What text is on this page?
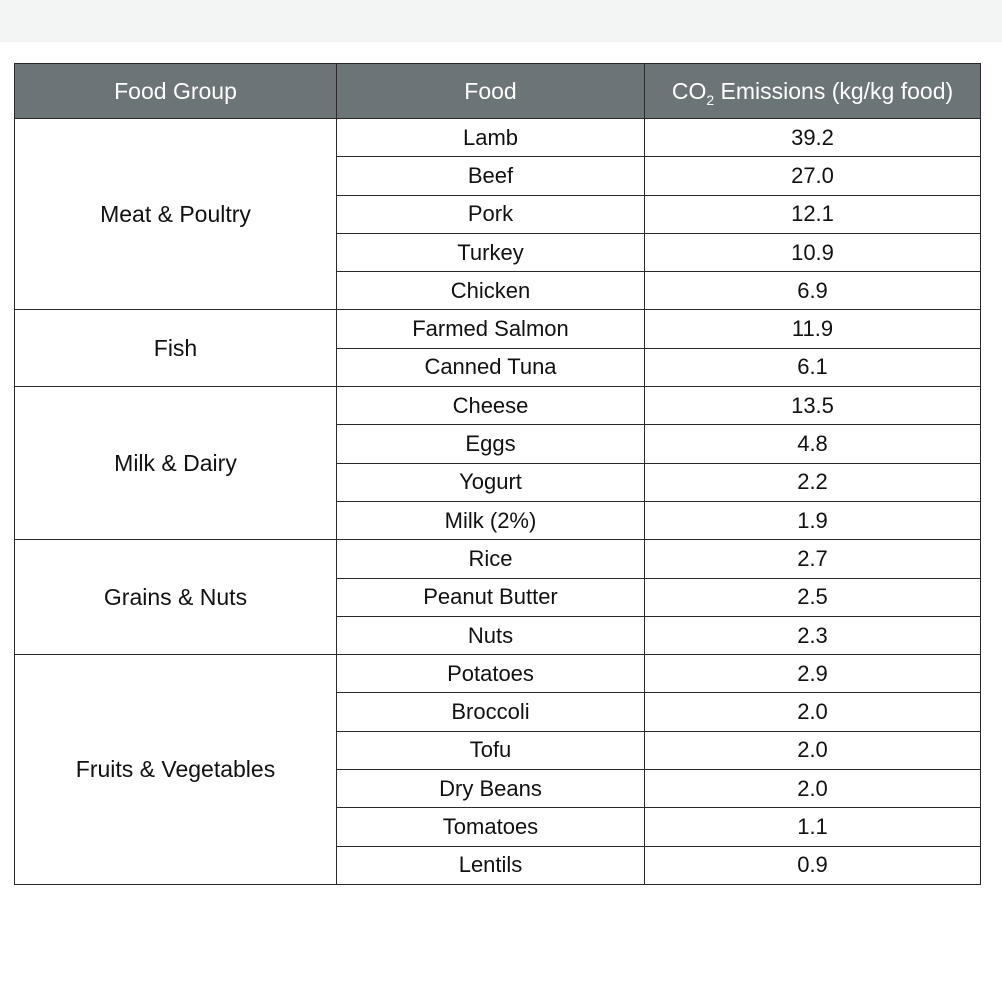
Food Group	Food	$CO_2$ Emissions (kg/kg food)
Meat & Poultry	Lamb	39.2
	Beef	27.0
	Pork	12.1
	Turkey	10.9
	Chicken	6.9
Fish	Farmed Salmon	11.9
	Canned Tuna	6.1
Milk & Dairy	Cheese	13.5
	Eggs	4.8
	Yogurt	2.2
	Milk (2%)	1.9
Grains & Nuts	Rice	2.7
	Peanut Butter	2.5
	Nuts	2.3
Fruits & Vegetables	Potatoes	2.9
	Broccoli	2.0
	Tofu	2.0
	Dry Beans	2.0
	Tomatoes	1.1
	Lentils	0.9
